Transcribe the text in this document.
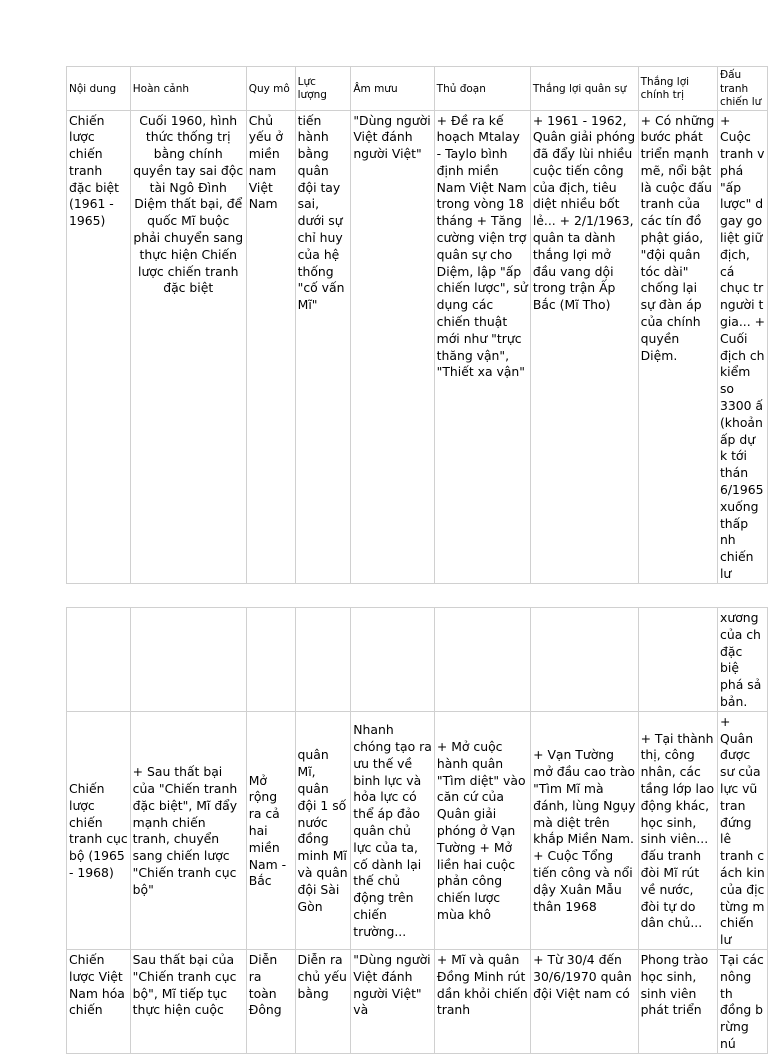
Nội dung	Hoàn cảnh	Quy mô	Lực lượng	Âm mưu	Thủ đoạn	Thắng lợi quân sự	Thắng lợi chính trị	Đấu tranh chiến lư
Chiến lược chiến tranh đặc biệt (1961 - 1965)	Cuối 1960, hình thức thống trị bằng chính quyền tay sai độc tài Ngô Đình Diệm thất bại, để quốc Mĩ buộc phải chuyển sang thực hiện Chiến lược chiến tranh đặc biệt	Chủ yếu ở miền nam Việt Nam	tiến hành bằng quân đội tay sai, dưới sự chỉ huy của hệ thống "cố vấn Mĩ"	"Dùng người Việt đánh người Việt"	+ Đề ra kế hoạch Mtalay - Taylo bình định miền Nam Việt Nam trong vòng 18 tháng + Tăng cường viện trợ quân sự cho Diệm, lập "ấp chiến lược", sử dụng các chiến thuật mới như "trực thăng vận", "Thiết xa vận"	+ 1961 - 1962, Quân giải phóng đã đẩy lùi nhiều cuộc tiến công của địch, tiêu diệt nhiều bốt lẻ... + 2/1/1963, quân ta dành thắng lợi mở đầu vang dội trong trận Ấp Bắc (Mĩ Tho)	+ Có những bước phát triển mạnh mẽ, nổi bật là cuộc đấu tranh của các tín đồ phật giáo, "đội quân tóc dài" chống lại sự đàn áp của chính quyền Diệm.	+ Cuộc tranh v phá "ấp lược" d gay go liệt giữ địch, cá chục tr người t gia... + Cuối địch ch kiểm so 3300 ấ (khoản ấp dự k tới thán 6/1965 xuống thấp nh chiến lư
								xương của ch đặc biệ phá sả bản.
Chiến lược chiến tranh cục bộ (1965 - 1968)	+ Sau thất bại của "Chiến tranh đặc biệt", Mĩ đẩy mạnh chiến tranh, chuyển sang chiến lược "Chiến tranh cục bộ"	Mở rộng ra cả hai miền Nam - Bắc	quân Mĩ, quân đội 1 số nước đồng minh Mĩ và quân đội Sài Gòn	Nhanh chóng tạo ra ưu thế về binh lực và hỏa lực có thể áp đảo quân chủ lực của ta, cố dành lại thế chủ động trên chiến trường...	+ Mở cuộc hành quân "Tìm diệt" vào căn cứ của Quân giải phóng ở Vạn Tường + Mở liền hai cuộc phản công chiến lược mùa khô	+ Vạn Tường mở đầu cao trào "Tìm Mĩ mà đánh, lùng Ngụy mà diệt trên khắp Miền Nam. + Cuộc Tổng tiến công và nổi dậy Xuân Mẫu thân 1968	+ Tại thành thị, công nhân, các tầng lớp lao động khác, học sinh, sinh viên... đấu tranh đòi Mĩ rút về nước, đòi tự do dân chủ...	+ Quân được sư của lực vũ tran đứng lê tranh c ách kin của địc từng m chiến lư
Chiến lược Việt Nam hóa chiến	Sau thất bại của "Chiến tranh cục bộ", Mĩ tiếp tục thực hiện cuộc	Diễn ra toàn Đông	Diễn ra chủ yếu bằng	"Dùng người Việt đánh người Việt" và	+ Mĩ và quân Đồng Minh rút dần khỏi chiến tranh	+ Từ 30/4 đến 30/6/1970 quân đội Việt nam có	Phong trào học sinh, sinh viên phát triển	Tại các nông th đồng b rừng nú
